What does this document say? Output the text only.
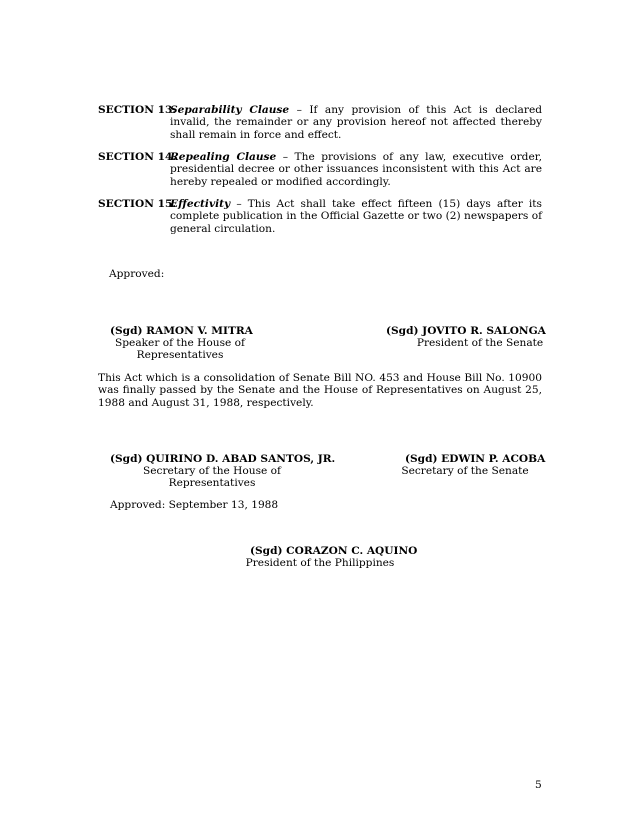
SECTION 13.
Separability Clause – If any provision of this Act is declared invalid, the remainder or any provision hereof not affected thereby shall remain in force and effect.
SECTION 14.
Repealing Clause – The provisions of any law, executive order, presidential decree or other issuances inconsistent with this Act are hereby repealed or modified accordingly.
SECTION 15.
Effectivity – This Act shall take effect fifteen (15) days after its complete publication in the Official Gazette or two (2) newspapers of general circulation.
Approved:
(Sgd) RAMON V. MITRA
Speaker of the House of Representatives
(Sgd) JOVITO R. SALONGA
President of the Senate
This Act which is a consolidation of Senate Bill NO. 453 and House Bill No. 10900 was finally passed by the Senate and the House of Representatives on August 25, 1988 and August 31, 1988, respectively.
(Sgd) QUIRINO D. ABAD SANTOS, JR.
Secretary of the House of Representatives
(Sgd) EDWIN P. ACOBA
Secretary of the Senate
Approved: September 13, 1988
(Sgd) CORAZON C. AQUINO
President of the Philippines
5
